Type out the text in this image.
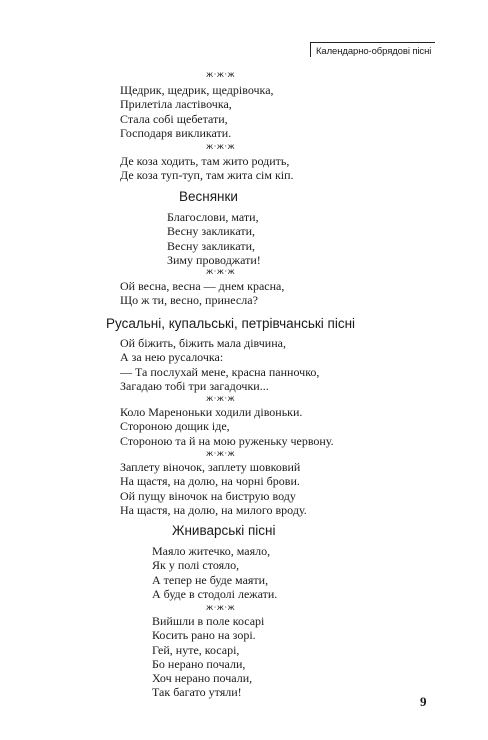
Календарно-обрядові пісні
ж·ж·ж
Щедрик, щедрик, щедрівочка,
Прилетіла ластівочка,
Стала собі щебетати,
Господаря викликати.
ж·ж·ж
Де коза ходить, там жито родить,
Де коза туп-туп, там жита сім кіп.
Веснянки
Благослови, мати,
Весну закликати,
Весну закликати,
Зиму проводжати!
ж·ж·ж
Ой весна, весна — днем красна,
Що ж ти, весно, принесла?
Русальні, купальські, петрівчанські пісні
Ой біжить, біжить мала дівчина,
А за нею русалочка:
— Та послухай мене, красна панночко,
Загадаю тобі три загадочки...
ж·ж·ж
Коло Мареноньки ходили дівоньки.
Стороною дощик іде,
Стороною та й на мою руженьку червону.
ж·ж·ж
Заплету віночок, заплету шовковий
На щастя, на долю, на чорні брови.
Ой пущу віночок на биструю воду
На щастя, на долю, на милого вроду.
Жниварські пісні
Маяло житечко, маяло,
Як у полі стояло,
А тепер не буде маяти,
А буде в стодолі лежати.
ж·ж·ж
Вийшли в поле косарі
Косить рано на зорі.
Гей, нуте, косарі,
Бо нерано почали,
Хоч нерано почали,
Так багато утяли!
9
